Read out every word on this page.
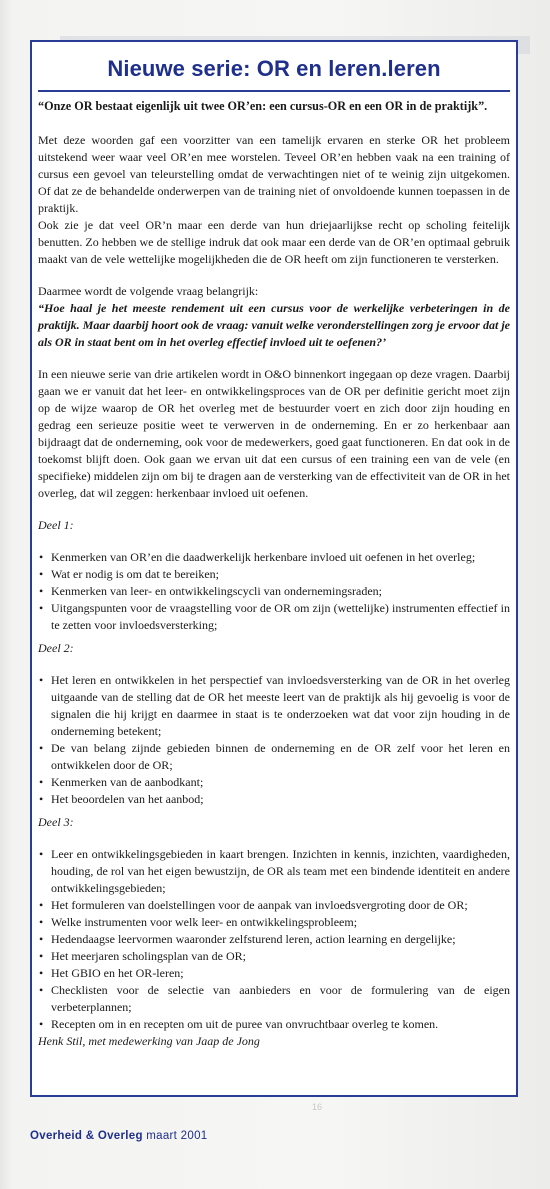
Nieuwe serie: OR en leren.leren

“Onze OR bestaat eigenlijk uit twee OR’en: een cursus-OR en een OR in de praktijk”.

Met deze woorden gaf een voorzitter van een tamelijk ervaren en sterke OR het probleem uitstekend weer waar veel OR’en mee worstelen. Teveel OR’en hebben vaak na een training of cursus een gevoel van teleurstelling omdat de verwachtingen niet of te weinig zijn uitgekomen. Of dat ze de behandelde onderwerpen van de training niet of onvoldoende kunnen toepassen in de praktijk.

Ook zie je dat veel OR’n maar een derde van hun driejaarlijkse recht op scholing feitelijk benutten. Zo hebben we de stellige indruk dat ook maar een derde van de OR’en optimaal gebruik maakt van de vele wettelijke mogelijkheden die de OR heeft om zijn functioneren te versterken.

Daarmee wordt de volgende vraag belangrijk:

“Hoe haal je het meeste rendement uit een cursus voor de werkelijke verbeteringen in de praktijk. Maar daarbij hoort ook de vraag: vanuit welke veronderstellingen zorg je ervoor dat je als OR in staat bent om in het overleg effectief invloed uit te oefenen?’

In een nieuwe serie van drie artikelen wordt in O&O binnenkort ingegaan op deze vragen. Daarbij gaan we er vanuit dat het leer- en ontwikkelingsproces van de OR per definitie gericht moet zijn op de wijze waarop de OR het overleg met de bestuurder voert en zich door zijn houding en gedrag een serieuze positie weet te verwerven in de onderneming. En er zo herkenbaar aan bijdraagt dat de onderneming, ook voor de medewerkers, goed gaat functioneren. En dat ook in de toekomst blijft doen. Ook gaan we ervan uit dat een cursus of een training een van de vele (en specifieke) middelen zijn om bij te dragen aan de versterking van de effectiviteit van de OR in het overleg, dat wil zeggen: herkenbaar invloed uit oefenen.

Deel 1:

• Kenmerken van OR’en die daadwerkelijk herkenbare invloed uit oefenen in het overleg;
• Wat er nodig is om dat te bereiken;
• Kenmerken van leer- en ontwikkelingscycli van ondernemingsraden;
• Uitgangspunten voor de vraagstelling voor de OR om zijn (wettelijke) instrumenten effectief in te zetten voor invloedsversterking;

Deel 2:

• Het leren en ontwikkelen in het perspectief van invloedsversterking van de OR in het overleg uitgaande van de stelling dat de OR het meeste leert van de praktijk als hij gevoelig is voor de signalen die hij krijgt en daarmee in staat is te onderzoeken wat dat voor zijn houding in de onderneming betekent;
• De van belang zijnde gebieden binnen de onderneming en de OR zelf voor het leren en ontwikkelen door de OR;
• Kenmerken van de aanbodkant;
• Het beoordelen van het aanbod;

Deel 3:

• Leer en ontwikkelingsgebieden in kaart brengen. Inzichten in kennis, inzichten, vaardigheden, houding, de rol van het eigen bewustzijn, de OR als team met een bindende identiteit en andere ontwikkelingsgebieden;
• Het formuleren van doelstellingen voor de aanpak van invloedsvergroting door de OR;
• Welke instrumenten voor welk leer- en ontwikkelingsprobleem;
• Hedendaagse leervormen waaronder zelfsturend leren, action learning en dergelijke;
• Het meerjaren scholingsplan van de OR;
• Het GBIO en het OR-leren;
• Checklisten voor de selectie van aanbieders en voor de formulering van de eigen verbeterplannen;
• Recepten om in en recepten om uit de puree van onvruchtbaar overleg te komen.

Henk Stil, met medewerking van Jaap de Jong

16
Overheid & Overleg maart 2001
